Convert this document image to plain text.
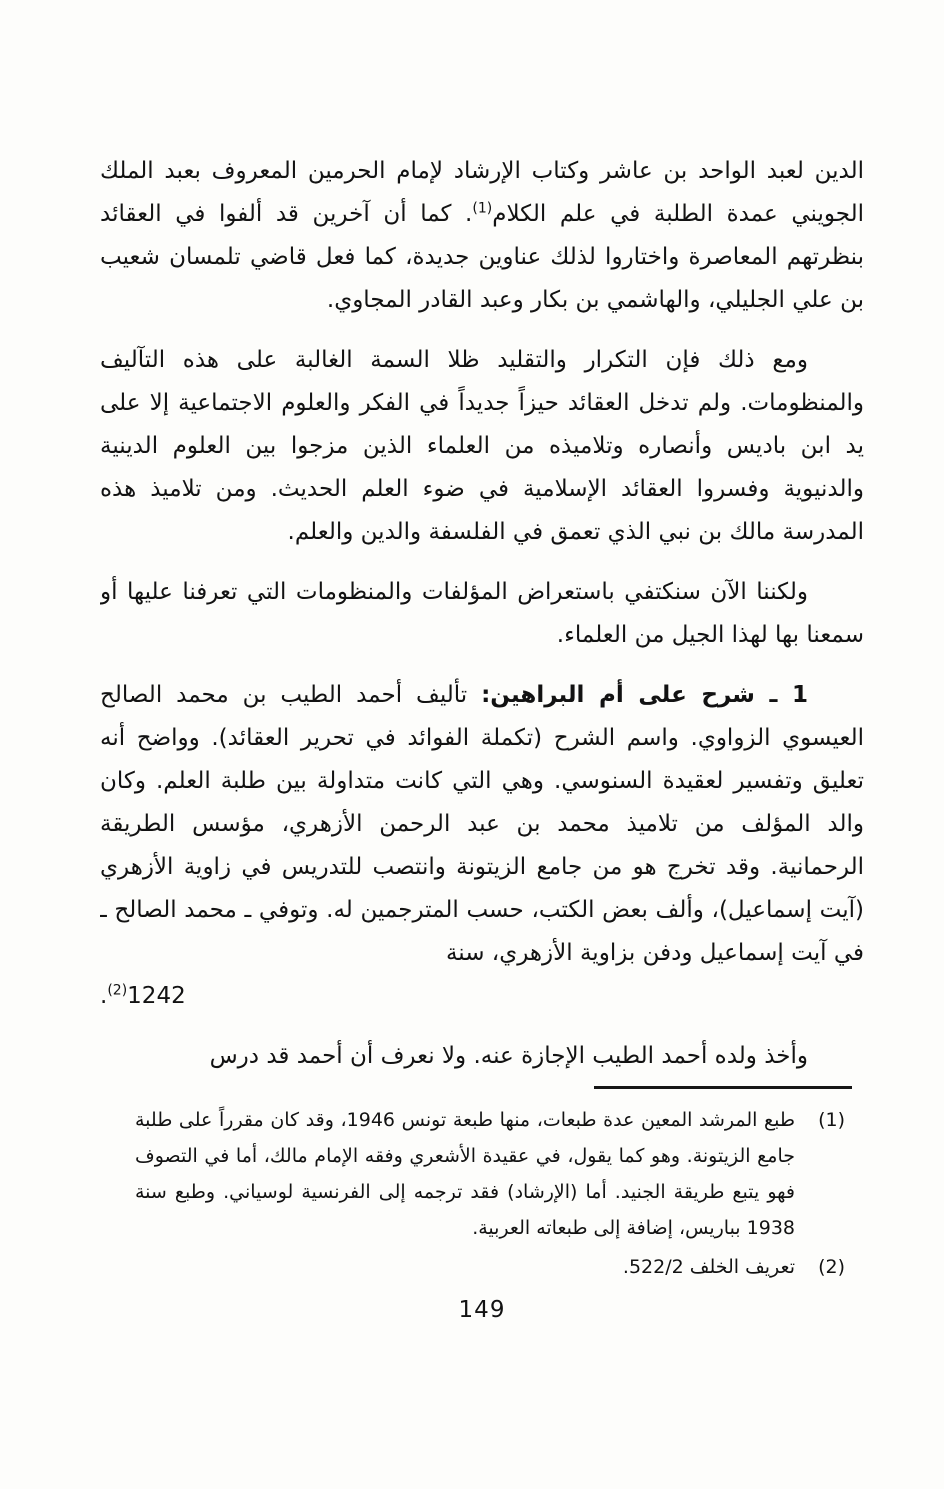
الدين لعبد الواحد بن عاشر وكتاب الإرشاد لإمام الحرمين المعروف بعبد الملك الجويني عمدة الطلبة في علم الكلام$^{(1)}$. كما أن آخرين قد ألفوا في العقائد بنظرتهم المعاصرة واختاروا لذلك عناوين جديدة، كما فعل قاضي تلمسان شعيب بن علي الجليلي، والهاشمي بن بكار وعبد القادر المجاوي.

ومع ذلك فإن التكرار والتقليد ظلا السمة الغالبة على هذه التآليف والمنظومات. ولم تدخل العقائد حيزاً جديداً في الفكر والعلوم الاجتماعية إلا على يد ابن باديس وأنصاره وتلاميذه من العلماء الذين مزجوا بين العلوم الدينية والدنيوية وفسروا العقائد الإسلامية في ضوء العلم الحديث. ومن تلاميذ هذه المدرسة مالك بن نبي الذي تعمق في الفلسفة والدين والعلم.

ولكننا الآن سنكتفي باستعراض المؤلفات والمنظومات التي تعرفنا عليها أو سمعنا بها لهذا الجيل من العلماء.

1 ـ شرح على أم البراهين: تأليف أحمد الطيب بن محمد الصالح العيسوي الزواوي. واسم الشرح (تكملة الفوائد في تحرير العقائد). وواضح أنه تعليق وتفسير لعقيدة السنوسي. وهي التي كانت متداولة بين طلبة العلم. وكان والد المؤلف من تلاميذ محمد بن عبد الرحمن الأزهري، مؤسس الطريقة الرحمانية. وقد تخرج هو من جامع الزيتونة وانتصب للتدريس في زاوية الأزهري (آيت إسماعيل)، وألف بعض الكتب، حسب المترجمين له. وتوفي ـ محمد الصالح ـ في آيت إسماعيل ودفن بزاوية الأزهري، سنة

1242$^{(2)}$.

وأخذ ولده أحمد الطيب الإجازة عنه. ولا نعرف أن أحمد قد درس

(1)
طبع المرشد المعين عدة طبعات، منها طبعة تونس 1946، وقد كان مقرراً على طلبة جامع الزيتونة. وهو كما يقول، في عقيدة الأشعري وفقه الإمام مالك، أما في التصوف فهو يتبع طريقة الجنيد. أما (الإرشاد) فقد ترجمه إلى الفرنسية لوسياني. وطبع سنة 1938 بباريس، إضافة إلى طبعاته العربية.
(2)
تعريف الخلف 522/2.
149
